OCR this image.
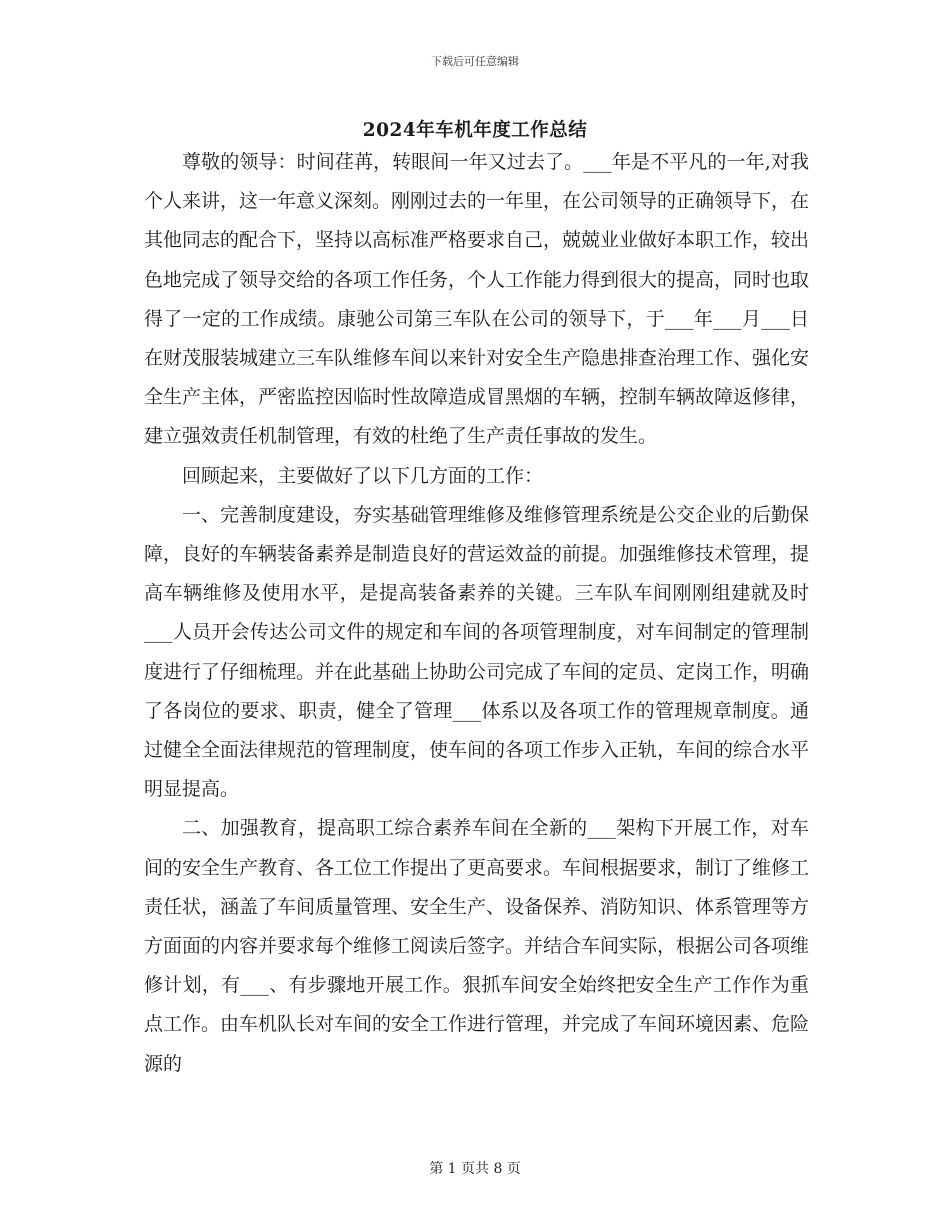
下载后可任意编辑
2024年车机年度工作总结

尊敬的领导：时间荏苒，转眼间一年又过去了。___年是不平凡的一年,对我个人来讲，这一年意义深刻。刚刚过去的一年里，在公司领导的正确领导下，在其他同志的配合下，坚持以高标准严格要求自己，兢兢业业做好本职工作，较出色地完成了领导交给的各项工作任务，个人工作能力得到很大的提高，同时也取得了一定的工作成绩。康驰公司第三车队在公司的领导下，于___年___月___日在财茂服装城建立三车队维修车间以来针对安全生产隐患排查治理工作、强化安全生产主体，严密监控因临时性故障造成冒黑烟的车辆，控制车辆故障返修律，建立强效责任机制管理，有效的杜绝了生产责任事故的发生。

回顾起来，主要做好了以下几方面的工作：

一、完善制度建设，夯实基础管理维修及维修管理系统是公交企业的后勤保障，良好的车辆装备素养是制造良好的营运效益的前提。加强维修技术管理，提高车辆维修及使用水平，是提高装备素养的关键。三车队车间刚刚组建就及时___人员开会传达公司文件的规定和车间的各项管理制度，对车间制定的管理制度进行了仔细梳理。并在此基础上协助公司完成了车间的定员、定岗工作，明确了各岗位的要求、职责，健全了管理___体系以及各项工作的管理规章制度。通过健全全面法律规范的管理制度，使车间的各项工作步入正轨，车间的综合水平明显提高。

二、加强教育，提高职工综合素养车间在全新的___架构下开展工作，对车间的安全生产教育、各工位工作提出了更高要求。车间根据要求，制订了维修工责任状，涵盖了车间质量管理、安全生产、设备保养、消防知识、体系管理等方方面面的内容并要求每个维修工阅读后签字。并结合车间实际，根据公司各项维修计划，有___、有步骤地开展工作。狠抓车间安全始终把安全生产工作作为重点工作。由车机队长对车间的安全工作进行管理，并完成了车间环境因素、危险源的

第 1 页共 8 页
